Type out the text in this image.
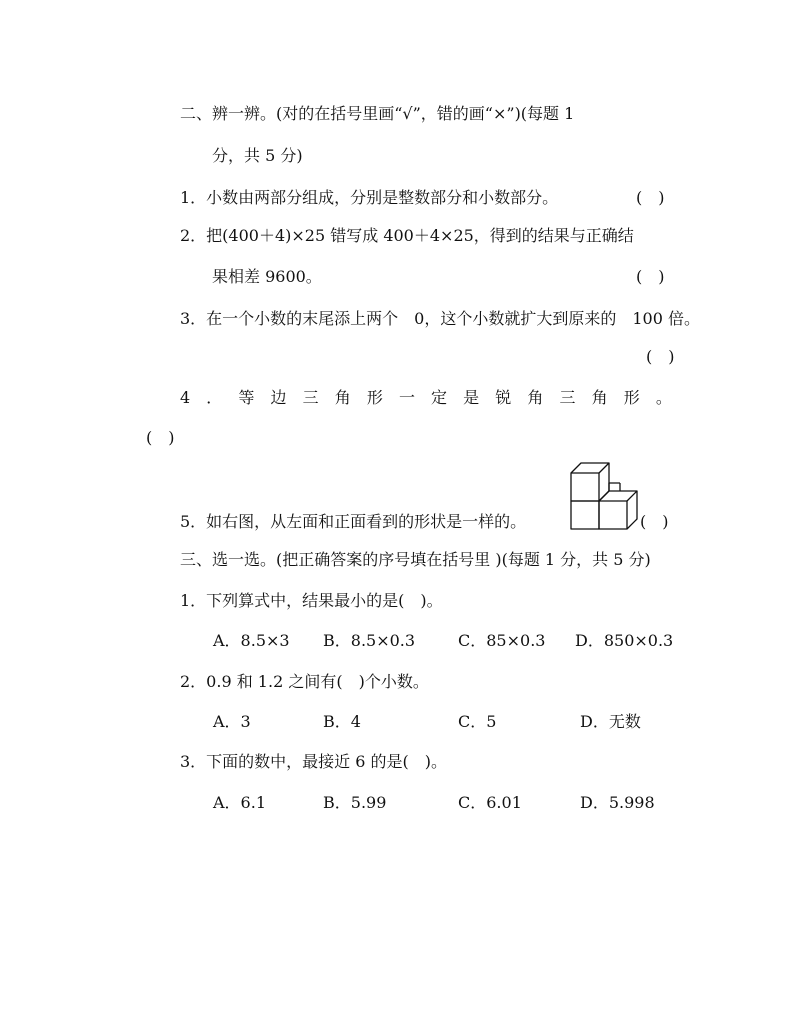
二、辨一辨。(对的在括号里画“√”，错的画“×”)(每题 1
分，共 5 分)
1．小数由两部分组成，分别是整数部分和小数部分。	(　)
2．把(400＋4)×25 错写成 400＋4×25，得到的结果与正确结
果相差 9600。	(　)
3．在一个小数的末尾添上两个　0，这个小数就扩大到原来的　100 倍。
(　)
4 ． 等 边 三 角 形 一 定 是 锐 角 三 角 形 。
(　)
5．如右图，从左面和正面看到的形状是一样的。	(　)
三、选一选。(把正确答案的序号填在括号里 )(每题 1 分，共 5 分)
1．下列算式中，结果最小的是(　)。
A．8.5×3 B．8.5×0.3	C．85×0.3 D．850×0.3
2．0.9 和 1.2 之间有(　)个小数。
A．3	B．4	C．5	D．无数
3．下面的数中，最接近 6 的是(　)。
A．6.1	B．5.99	C．6.01	D．5.998
